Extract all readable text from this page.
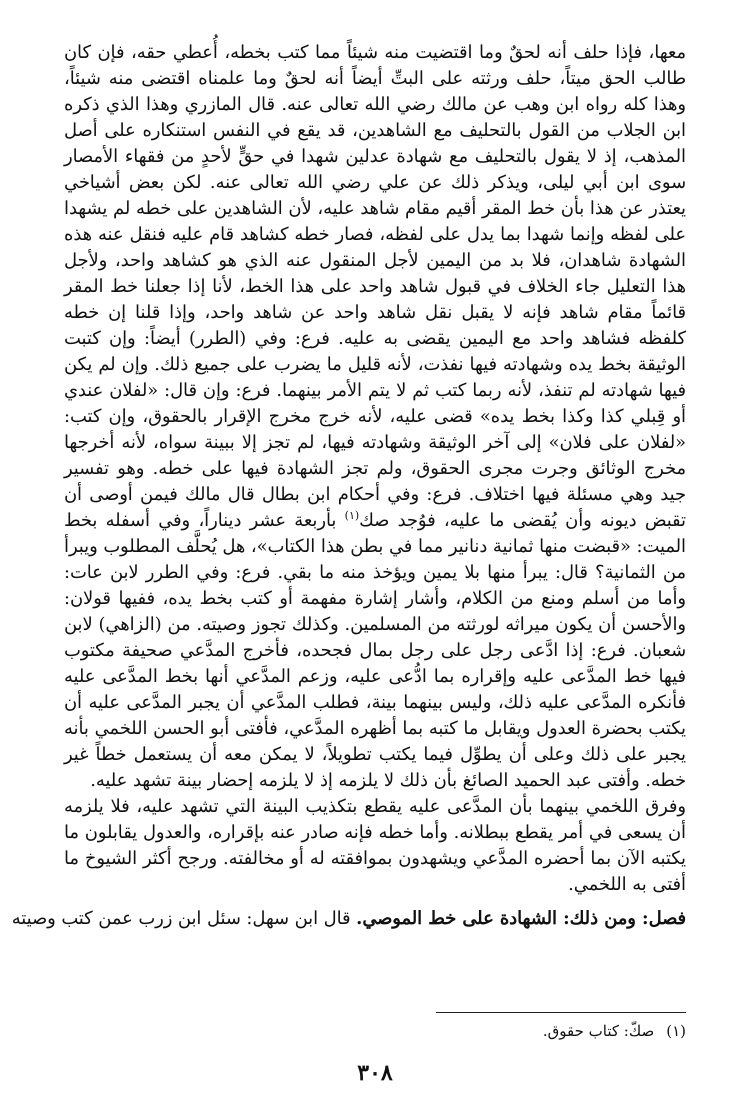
معها، فإذا حلف أنه لحقٌ وما اقتضيت منه شيئاً مما كتب بخطه، أُعطي حقه، فإن كان طالب الحق ميتاً، حلف ورثته على البتِّ أيضاً أنه لحقٌ وما علمناه اقتضى منه شيئاً، وهذا كله رواه ابن وهب عن مالك رضي الله تعالى عنه. قال المازري وهذا الذي ذكره ابن الجلاب من القول بالتحليف مع الشاهدين، قد يقع في النفس استنكاره على أصل المذهب، إذ لا يقول بالتحليف مع شهادة عدلين شهدا في حقٍّ لأحدٍ من فقهاء الأمصار سوى ابن أبي ليلى، ويذكر ذلك عن علي رضي الله تعالى عنه. لكن بعض أشياخي يعتذر عن هذا بأن خط المقر أقيم مقام شاهد عليه، لأن الشاهدين على خطه لم يشهدا على لفظه وإنما شهدا بما يدل على لفظه، فصار خطه كشاهد قام عليه فنقل عنه هذه الشهادة شاهدان، فلا بد من اليمين لأجل المنقول عنه الذي هو كشاهد واحد، ولأجل هذا التعليل جاء الخلاف في قبول شاهد واحد على هذا الخط، لأنا إذا جعلنا خط المقر قائماً مقام شاهد فإنه لا يقبل نقل شاهد واحد عن شاهد واحد، وإذا قلنا إن خطه كلفظه فشاهد واحد مع اليمين يقضى به عليه. فرع: وفي (الطرر) أيضاً: وإن كتبت الوثيقة بخط يده وشهادته فيها نفذت، لأنه قليل ما يضرب على جميع ذلك. وإن لم يكن فيها شهادته لم تنفذ، لأنه ربما كتب ثم لا يتم الأمر بينهما. فرع: وإن قال: «لفلان عندي أو قِبلي كذا وكذا بخط يده» قضى عليه، لأنه خرج مخرج الإقرار بالحقوق، وإن كتب: «لفلان على فلان» إلى آخر الوثيقة وشهادته فيها، لم تجز إلا ببينة سواه، لأنه أخرجها مخرج الوثائق وجرت مجرى الحقوق، ولم تجز الشهادة فيها على خطه. وهو تفسير جيد وهي مسئلة فيها اختلاف. فرع: وفي أحكام ابن بطال قال مالك فيمن أوصى أن تقبض ديونه وأن يُقضى ما عليه، فوُجد صك$^{(١)}$ بأربعة عشر ديناراً، وفي أسفله بخط الميت: «قبضت منها ثمانية دنانير مما في بطن هذا الكتاب»، هل يُحلَّف المطلوب ويبرأ من الثمانية؟ قال: يبرأ منها بلا يمين ويؤخذ منه ما بقي. فرع: وفي الطرر لابن عات: وأما من أسلم ومنع من الكلام، وأشار إشارة مفهمة أو كتب بخط يده، ففيها قولان: والأحسن أن يكون ميراثه لورثته من المسلمين. وكذلك تجوز وصيته. من (الزاهي) لابن شعبان. فرع: إذا ادَّعى رجل على رجل بمال فجحده، فأخرج المدَّعي صحيفة مكتوب فيها خط المدَّعى عليه وإقراره بما ادُّعى عليه، وزعم المدَّعي أنها بخط المدَّعى عليه فأنكره المدَّعى عليه ذلك، وليس بينهما بينة، فطلب المدَّعي أن يجبر المدَّعى عليه أن يكتب بحضرة العدول ويقابل ما كتبه بما أظهره المدَّعي، فأفتى أبو الحسن اللخمي بأنه يجبر على ذلك وعلى أن يطوِّل فيما يكتب تطويلاً، لا يمكن معه أن يستعمل خطاً غير خطه. وأفتى عبد الحميد الصائغ بأن ذلك لا يلزمه إذ لا يلزمه إحضار بينة تشهد عليه.

وفرق اللخمي بينهما بأن المدَّعى عليه يقطع بتكذيب البينة التي تشهد عليه، فلا يلزمه أن يسعى في أمر يقطع ببطلانه. وأما خطه فإنه صادر عنه بإقراره، والعدول يقابلون ما يكتبه الآن بما أحضره المدَّعي ويشهدون بموافقته له أو مخالفته. ورجح أكثر الشيوخ ما أفتى به اللخمي.

فصل: ومن ذلك: الشهادة على خط الموصي. قال ابن سهل: سئل ابن زرب عمن كتب وصيته
(١)صكّ: كتاب حقوق.
٣٠٨
